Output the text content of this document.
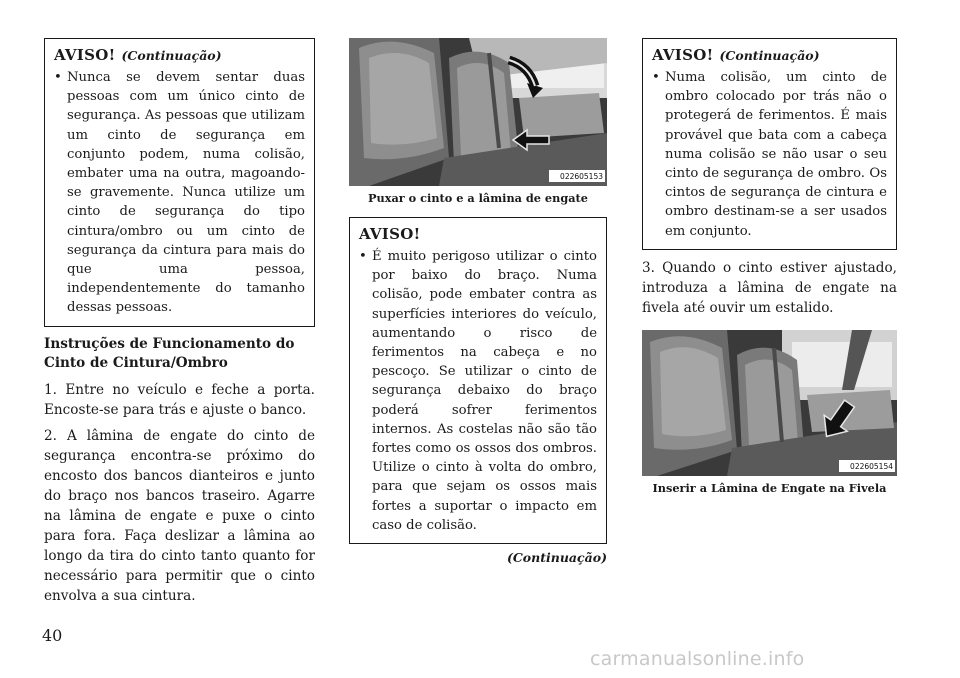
AVISO! (Continuação)
• Nunca se devem sentar duas pessoas com um único cinto de segurança. As pessoas que utilizam um cinto de segurança em conjunto podem, numa colisão, embater uma na outra, magoando-se gravemente. Nunca utilize um cinto de segurança do tipo cintura/ombro ou um cinto de segurança da cintura para mais do que uma pessoa, independentemente do tamanho dessas pessoas.
Instruções de Funcionamento do Cinto de Cintura/Ombro
1. Entre no veículo e feche a porta. Encoste-se para trás e ajuste o banco.
2. A lâmina de engate do cinto de segurança encontra-se próximo do encosto dos bancos dianteiros e junto do braço nos bancos traseiro. Agarre na lâmina de engate e puxe o cinto para fora. Faça deslizar a lâmina ao longo da tira do cinto tanto quanto for necessário para permitir que o cinto envolva a sua cintura.
022605153
Puxar o cinto e a lâmina de engate
AVISO!
• É muito perigoso utilizar o cinto por baixo do braço. Numa colisão, pode embater contra as superfícies interiores do veículo, aumentando o risco de ferimentos na cabeça e no pescoço. Se utilizar o cinto de segurança debaixo do braço poderá sofrer ferimentos internos. As costelas não são tão fortes como os ossos dos ombros. Utilize o cinto à volta do ombro, para que sejam os ossos mais fortes a suportar o impacto em caso de colisão.
(Continuação)
AVISO! (Continuação)
• Numa colisão, um cinto de ombro colocado por trás não o protegerá de ferimentos. É mais provável que bata com a cabeça numa colisão se não usar o seu cinto de segurança de ombro. Os cintos de segurança de cintura e ombro destinam-se a ser usados em conjunto.
3. Quando o cinto estiver ajustado, introduza a lâmina de engate na fivela até ouvir um estalido.
022605154
Inserir a Lâmina de Engate na Fivela
40
carmanualsonline.info
